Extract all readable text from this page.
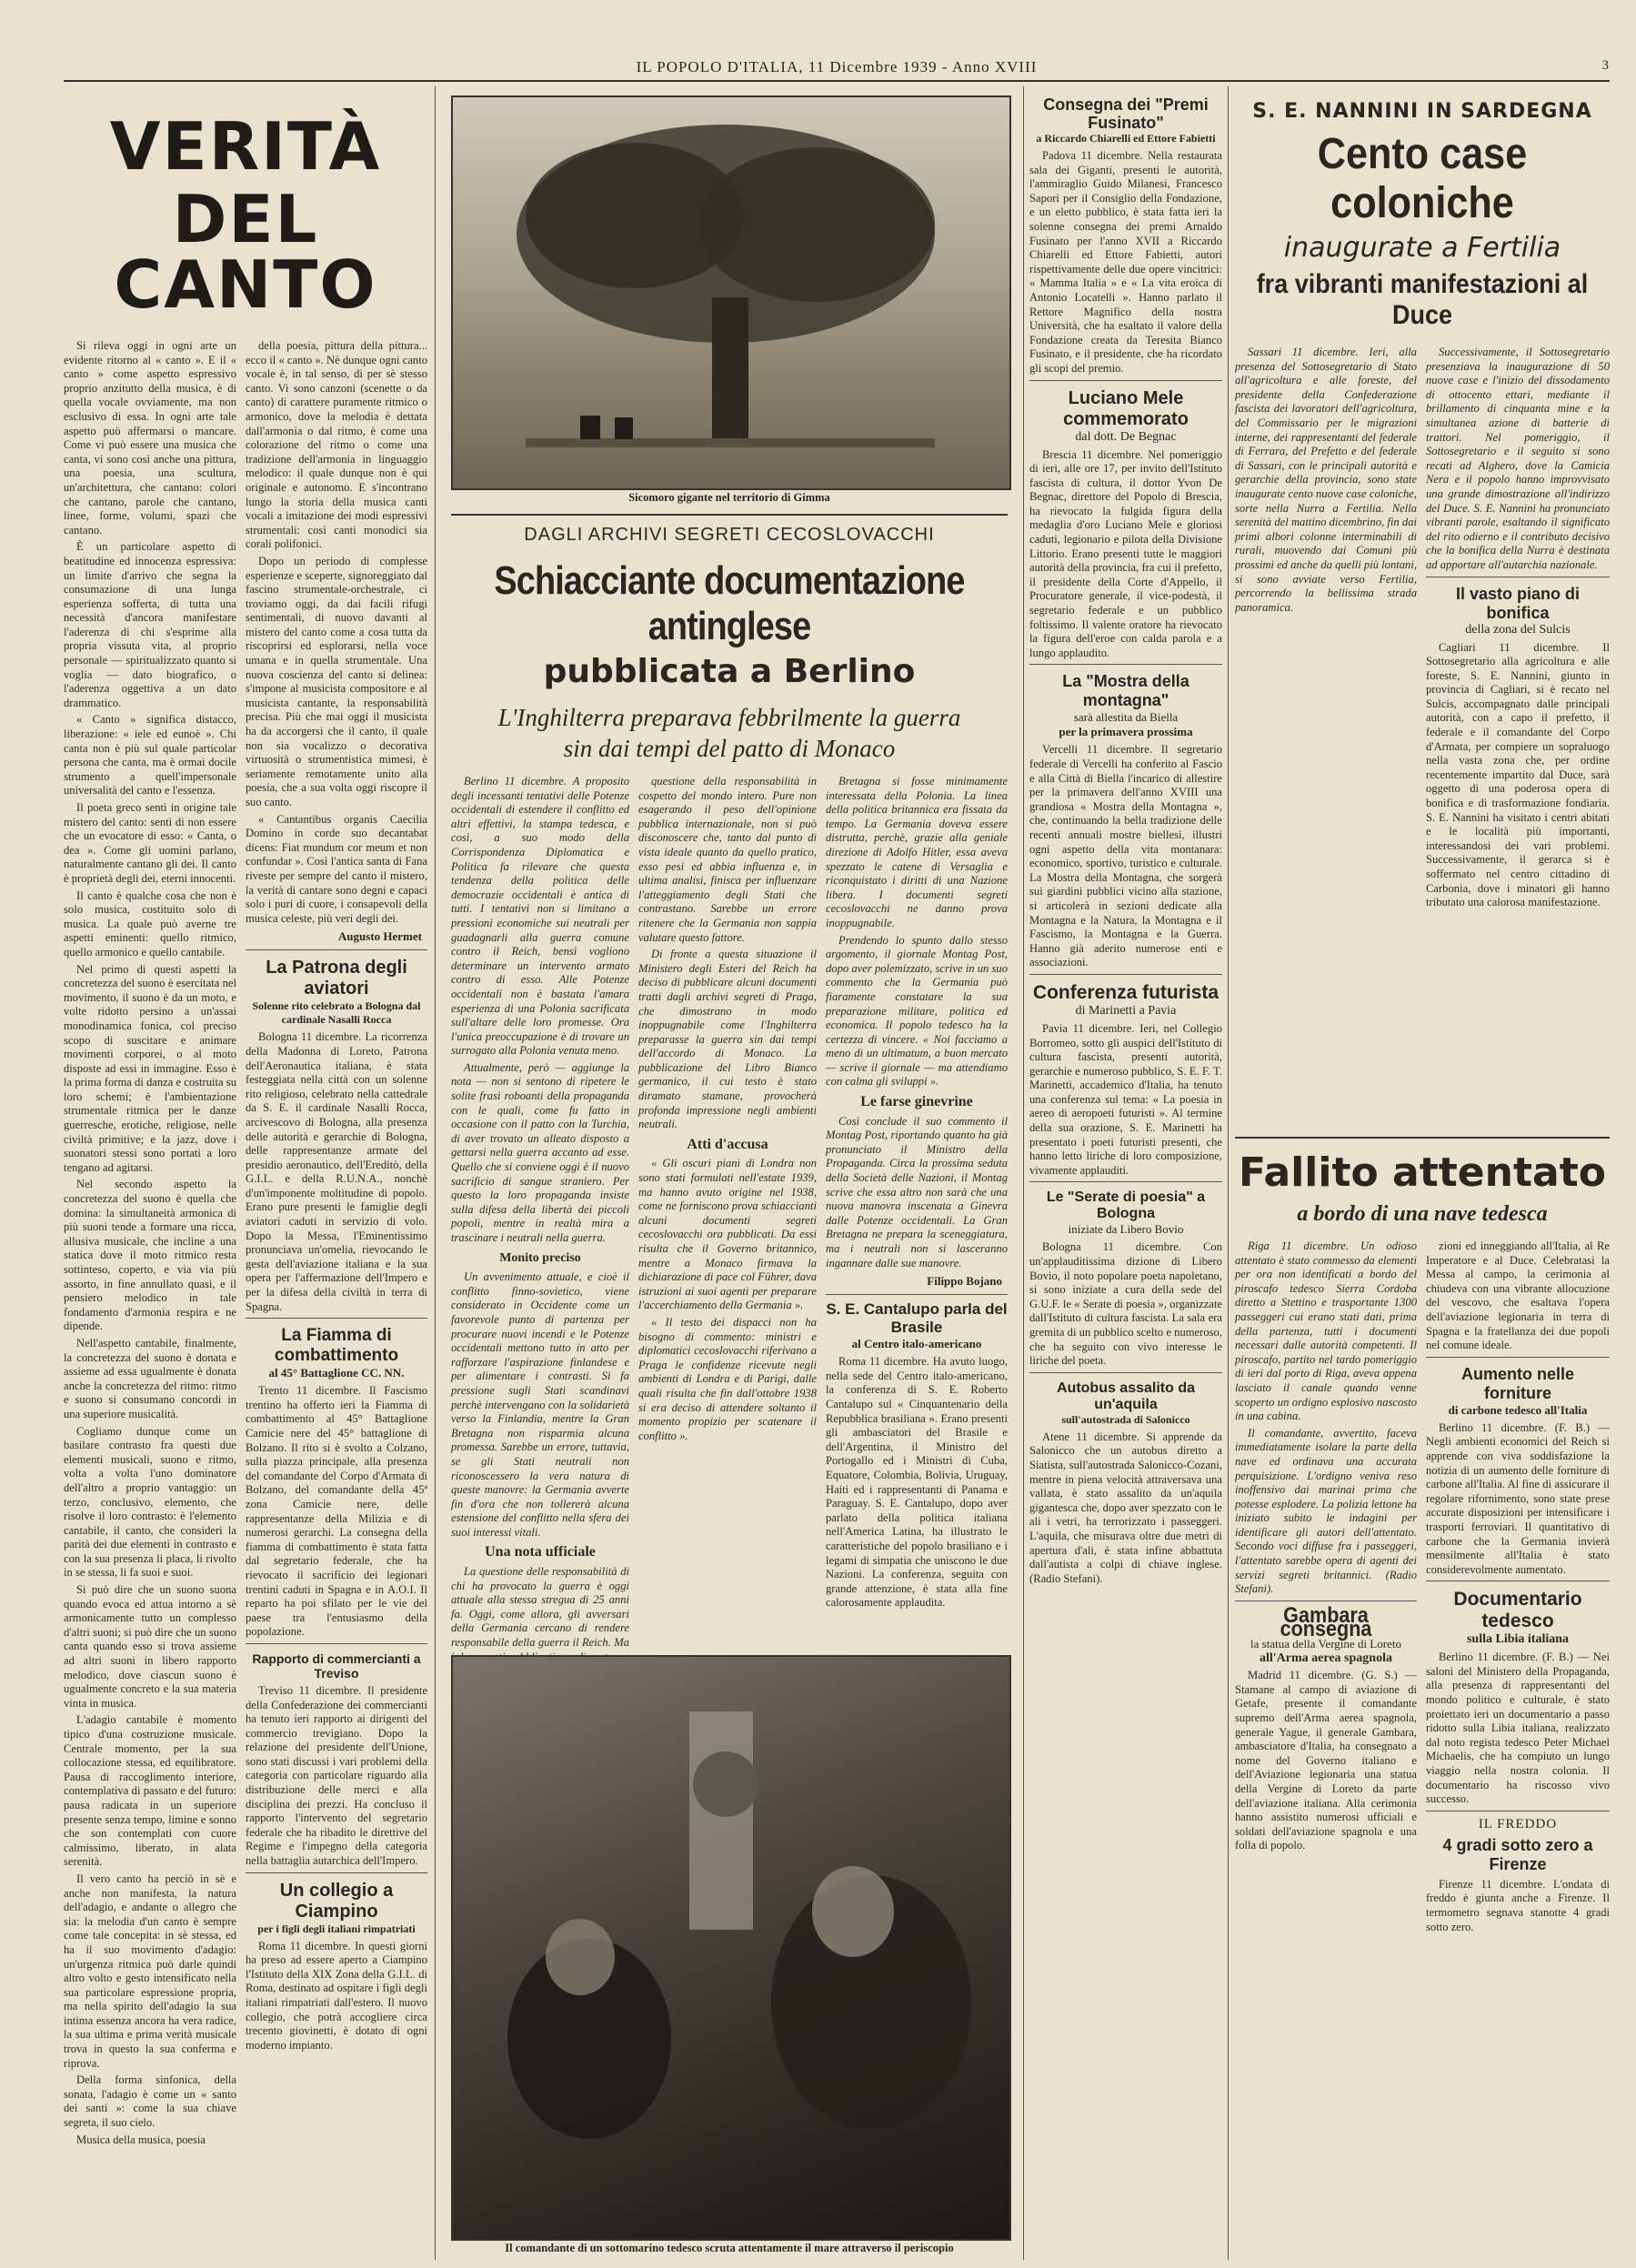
IL POPOLO D'ITALIA, 11 Dicembre 1939 - Anno XVIII	3
VERITÀ
DEL CANTO

Si rileva oggi in ogni arte un evidente ritorno al « canto ». E il « canto » come aspetto espressivo proprio anzitutto della musica, è di quella vocale ovviamente, ma non esclusivo di essa. In ogni arte tale aspetto può affermarsi o mancare. Come vi può essere una musica che canta, vi sono così anche una pittura, una poesia, una scultura, un'architettura, che cantano: colori che cantano, parole che cantano, linee, forme, volumi, spazi che cantano.

È un particolare aspetto di beatitudine ed innocenza espressiva: un limite d'arrivo che segna la consumazione di una lunga esperienza sofferta, di tutta una necessità d'ancora manifestare l'aderenza di chi s'esprime alla propria vissuta vita, al proprio personale — spiritualizzato quanto si voglia — dato biografico, o l'aderenza oggettiva a un dato drammatico.

« Canto » significa distacco, liberazione: « iele ed eunoè ». Chi canta non è più sul quale particolar persona che canta, ma è ormai docile strumento a quell'impersonale universalità del canto e l'essenza.

Il poeta greco sentì in origine tale mistero del canto: sentì di non essere che un evocatore di esso: « Canta, o dea ». Come gli uomini parlano, naturalmente cantano gli dei. Il canto è proprietà degli dei, eterni innocenti.

Il canto è qualche cosa che non è solo musica, costituito solo di musica. La quale può averne tre aspetti eminenti: quello ritmico, quello armonico e quello cantabile.

Nel primo di questi aspetti la concretezza del suono è esercitata nel movimento, il suono è da un moto, e volte ridotto persino a un'assai monodinamica fonica, col preciso scopo di suscitare e animare movimenti corporei, o al moto disposte ad essi in immagine. Esso è la prima forma di danza e costruita su loro schemi; è l'ambientazione strumentale ritmica per le danze guerresche, erotiche, religiose, nelle civiltà primitive; e la jazz, dove i suonatori stessi sono portati a loro tengano ad agitarsi.

Nel secondo aspetto la concretezza del suono è quella che domina: la simultaneità armonica di più suoni tende a formare una ricca, allusiva musicale, che incline a una statica dove il moto ritmico resta sottinteso, coperto, e via via più assorto, in fine annullato quasi, e il pensiero melodico in tale fondamento d'armonia respira e ne dipende.

Nell'aspetto cantabile, finalmente, la concretezza del suono è donata e assieme ad essa ugualmente è donata anche la concretezza del ritmo: ritmo e suono si consumano concordi in una superiore musicalità.

Cogliamo dunque come un basilare contrasto fra questi due elementi musicali, suono e ritmo, volta a volta l'uno dominatore dell'altro a proprio vantaggio: un terzo, conclusivo, elemento, che risolve il loro contrasto: è l'elemento cantabile, il canto, che consideri la parità dei due elementi in contrasto e con la sua presenza li placa, li rivolto in se stessa, li fa suoi e suoi.

Si può dire che un suono suona quando evoca ed attua intorno a sè armonicamente tutto un complesso d'altri suoni; si può dire che un suono canta quando esso si trova assieme ad altri suoni in libero rapporto melodico, dove ciascun suono è ugualmente concreto e la sua materia vinta in musica.

L'adagio cantabile è momento tipico d'una costruzione musicale. Centrale momento, per la sua collocazione stessa, ed equilibratore. Pausa di raccoglimento interiore, contemplativa di passato e del futuro: pausa radicata in un superiore presente senza tempo, limine e sonno che son contemplati con cuore calmissimo, liberato, in alata serenità.

Il vero canto ha perciò in sè e anche non manifesta, la natura dell'adagio, e andante o allegro che sia: la melodia d'un canto è sempre come tale concepita: in sè stessa, ed ha il suo movimento d'adagio: un'urgenza ritmica può darle quindi altro volto e gesto intensificato nella sua particolare espressione propria, ma nella spirito dell'adagio la sua intima essenza ancora ha vera radice, la sua ultima e prima verità musicale trova in questo la sua conferma e riprova.

Della forma sinfonica, della sonata, l'adagio è come un « santo dei santi »: come la sua chiave segreta, il suo cielo.

Musica della musica, poesia

della poesia, pittura della pittura... ecco il « canto ». Nè dunque ogni canto vocale è, in tal senso, di per sè stesso canto. Vi sono canzoni (scenette o da canto) di carattere puramente ritmico o armonico, dove la melodia è dettata dall'armonia o dal ritmo, è come una colorazione del ritmo o come una tradizione dell'armonia in linguaggio melodico: il quale dunque non è qui originale e autonomo. E s'incontrano lungo la storia della musica canti vocali a imitazione dei modi espressivi strumentali: così canti monodici sia corali polifonici.

Dopo un periodo di complesse esperienze e sceperte, signoreggiato dal fascino strumentale-orchestrale, ci troviamo oggi, da dai facili rifugi sentimentali, di nuovo davanti al mistero del canto come a cosa tutta da riscoprirsi ed esplorarsi, nella voce umana e in quella strumentale. Una nuova coscienza del canto si delinea: s'impone al musicista compositore e al musicista cantante, la responsabilità precisa. Più che mai oggi il musicista ha da accorgersi che il canto, il quale non sia vocalizzo o decorativa virtuosità o strumentistica mimesi, è seriamente remotamente unito alla poesia, che a sua volta oggi riscopre il suo canto.

« Cantantibus organis Caecilia Domino in corde suo decantabat dicens: Fiat mundum cor meum et non confundar ». Così l'antica santa di Fana riveste per sempre del canto il mistero, la verità di cantare sono degni e capaci solo i puri di cuore, i consapevoli della musica celeste, più veri degli dei.

Augusto Hermet
La Patrona degli aviatori
Solenne rito celebrato a Bologna dal cardinale Nasalli Rocca

Bologna 11 dicembre. La ricorrenza della Madonna di Loreto, Patrona dell'Aeronautica italiana, è stata festeggiata nella città con un solenne rito religioso, celebrato nella cattedrale da S. E. il cardinale Nasalli Rocca, arcivescovo di Bologna, alla presenza delle autorità e gerarchie di Bologna, delle rappresentanze armate del presidio aeronautico, dell'Ereditò, della G.I.L. e della R.U.N.A., nonchè d'un'imponente moltitudine di popolo. Erano pure presenti le famiglie degli aviatori caduti in servizio di volo. Dopo la Messa, l'Eminentissimo pronunciava un'omelia, rievocando le gesta dell'aviazione italiana e la sua opera per l'affermazione dell'Impero e per la difesa della civiltà in terra di Spagna.

La Fiamma di combattimento
al 45° Battaglione CC. NN.

Trento 11 dicembre. Il Fascismo trentino ha offerto ieri la Fiamma di combattimento al 45° Battaglione Camicie nere del 45° battaglione di Bolzano. Il rito si è svolto a Colzano, sulla piazza principale, alla presenza del comandante del Corpo d'Armata di Bolzano, del comandante della 45ª zona Camicie nere, delle rappresentanze della Milizia e di numerosi gerarchi. La consegna della fiamma di combattimento è stata fatta dal segretario federale, che ha rievocato il sacrificio dei legionari trentini caduti in Spagna e in A.O.I. Il reparto ha poi sfilato per le vie del paese tra l'entusiasmo della popolazione.

Rapporto di commercianti a Treviso

Treviso 11 dicembre. Il presidente della Confederazione dei commercianti ha tenuto ieri rapporto ai dirigenti del commercio trevigiano. Dopo la relazione del presidente dell'Unione, sono stati discussi i vari problemi della categoria con particolare riguardo alla distribuzione delle merci e alla disciplina dei prezzi. Ha concluso il rapporto l'intervento del segretario federale che ha ribadito le direttive del Regime e l'impegno della categoria nella battaglia autarchica dell'Impero.

Un collegio a Ciampino
per i figli degli italiani rimpatriati

Roma 11 dicembre. In questi giorni ha preso ad essere aperto a Ciampino l'Istituto della XIX Zona della G.I.L. di Roma, destinato ad ospitare i figli degli italiani rimpatriati dall'estero. Il nuovo collegio, che potrà accogliere circa trecento giovinetti, è dotato di ogni moderno impianto.

Sicomoro gigante nel territorio di Gimma
DAGLI ARCHIVI SEGRETI CECOSLOVACCHI
Schiacciante documentazione antinglese
pubblicata a Berlino
L'Inghilterra preparava febbrilmente la guerra sin dai tempi del patto di Monaco

Berlino 11 dicembre. A proposito degli incessanti tentativi delle Potenze occidentali di estendere il conflitto ed altri effettivi, la stampa tedesca, e così, a suo modo della Corrispondenza Diplomatica e Politica fa rilevare che questa tendenza della politica delle democrazie occidentali è antica di tutti. I tentativi non si limitano a pressioni economiche sui neutrali per guadagnarli alla guerra comune contro il Reich, bensì vogliono determinare un intervento armato contro di esso. Alle Potenze occidentali non è bastata l'amara esperienza di una Polonia sacrificata sull'altare delle loro promesse. Ora l'unica preoccupazione è di trovare un surrogato alla Polonia venuta meno.

Attualmente, però — aggiunge la nota — non si sentono di ripetere le solite frasi roboanti della propaganda con le quali, come fu fatto in occasione con il patto con la Turchia, di aver trovato un alleato disposto a gettarsi nella guerra accanto ad esse. Quello che si conviene oggi è il nuovo sacrificio di sangue straniero. Per questo la loro propaganda insiste sulla difesa della libertà dei piccoli popoli, mentre in realtà mira a trascinare i neutrali nella guerra.

Monito preciso

Un avvenimento attuale, e cioè il conflitto finno-sovietico, viene considerato in Occidente come un favorevole punto di partenza per procurare nuovi incendi e le Potenze occidentali mettono tutto in atto per rafforzare l'aspirazione finlandese e per alimentare i contrasti. Si fa pressione sugli Stati scandinavi perchè intervengano con la solidarietà verso la Finlandia, mentre la Gran Bretagna non risparmia alcuna promessa. Sarebbe un errore, tuttavia, se gli Stati neutrali non riconoscessero la vera natura di queste manovre: la Germania avverte fin d'ora che non tollererà alcuna estensione del conflitto nella sfera dei suoi interessi vitali.

Una nota ufficiale

La questione delle responsabilità di chi ha provocato la guerra è oggi attuale alla stessa stregua di 25 anni fa. Oggi, come allora, gli avversari della Germania cercano di rendere responsabile della guerra il Reich. Ma

questione della responsabilità in cospetto del mondo intero. Pure non esagerando il peso dell'opinione pubblica internazionale, non si può disconoscere che, tanto dal punto di vista ideale quanto da quello pratico, esso pesi ed abbia influenza e, in ultima analisi, finisca per influenzare l'atteggiamento degli Stati che contrastano. Sarebbe un errore ritenere che la Germania non sappia valutare questo fattore.

Di fronte a questa situazione il Ministero degli Esteri del Reich ha deciso di pubblicare alcuni documenti tratti dagli archivi segreti di Praga, che dimostrano in modo inoppugnabile come l'Inghilterra preparasse la guerra sin dai tempi dell'accordo di Monaco. La pubblicazione del Libro Bianco germanico, il cui testo è stato diramato stamane, provocherà profonda impressione negli ambienti neutrali.

Atti d'accusa

« Gli oscuri piani di Londra non sono stati formulati nell'estate 1939, ma hanno avuto origine nel 1938, come ne forniscono prova schiaccianti alcuni documenti segreti cecoslovacchi ora pubblicati. Da essi risulta che il Governo britannico, mentre a Monaco firmava la dichiarazione di pace col Führer, dava istruzioni ai suoi agenti per preparare l'accerchiamento della Germania ».

« Il testo dei dispacci non ha bisogno di commento: ministri e diplomatici cecoslovacchi riferivano a Praga le confidenze ricevute negli ambienti di Londra e di Parigi, dalle quali risulta che fin dall'ottobre 1938 si era deciso di attendere soltanto il momento propizio per scatenare il conflitto ».

Bretagna si fosse minimamente interessata della Polonia. La linea della politica britannica era fissata da tempo. La Germania doveva essere distrutta, perchè, grazie alla geniale direzione di Adolfo Hitler, essa aveva spezzato le catene di Versaglia e riconquistato i diritti di una Nazione libera. I documenti segreti cecoslovacchi ne danno prova inoppugnabile.

Prendendo lo spunto dallo stesso argomento, il giornale Montag Post, dopo aver polemizzato, scrive in un suo commento che la Germania può fiaramente constatare la sua preparazione militare, politica ed economica. Il popolo tedesco ha la certezza di vincere. « Noi facciamo a meno di un ultimatum, a buon mercato — scrive il giornale — ma attendiamo con calma gli sviluppi ».

Le farse ginevrine

Così conclude il suo commento il Montag Post, riportando quanto ha già pronunciato il Ministro della Propaganda. Circa la prossima seduta della Società delle Nazioni, il Montag scrive che essa altro non sarà che una nuova manovra inscenata a Ginevra dalle Potenze occidentali. La Gran Bretagna ne prepara la sceneggiatura, ma i neutrali non si lasceranno ingannare dalle sue manovre.

Filippo Bojano
S. E. Cantalupo parla del Brasile
al Centro italo-americano

Roma 11 dicembre. Ha avuto luogo, nella sede del Centro italo-americano, la conferenza di S. E. Roberto Cantalupo sul « Cinquantenario della Repubblica brasiliana ». Erano presenti gli ambasciatori del Brasile e dell'Argentina, il Ministro del Portogallo ed i Ministri di Cuba, Equatore, Colombia, Bolivia, Uruguay, Haiti ed i rappresentanti di Panama e Paraguay. S. E. Cantalupo, dopo aver parlato della politica italiana nell'America Latina, ha illustrato le caratteristiche del popolo brasiliano e i legami di simpatia che uniscono le due Nazioni. La conferenza, seguita con grande attenzione, è stata alla fine calorosamente applaudita.

Il comandante di un sottomarino tedesco scruta attentamente il mare attraverso il periscopio
Consegna dei "Premi Fusinato"
a Riccardo Chiarelli ed Ettore Fabietti

Padova 11 dicembre. Nella restaurata sala dei Giganti, presenti le autorità, l'ammiraglio Guido Milanesi, Francesco Sapori per il Consiglio della Fondazione, e un eletto pubblico, è stata fatta ieri la solenne consegna dei premi Arnaldo Fusinato per l'anno XVII a Riccardo Chiarelli ed Ettore Fabietti, autori rispettivamente delle due opere vincitrici: « Mamma Italia » e « La vita eroica di Antonio Locatelli ». Hanno parlato il Rettore Magnifico della nostra Università, che ha esaltato il valore della Fondazione creata da Teresita Bianco Fusinato, e il presidente, che ha ricordato gli scopi del premio.

Luciano Mele commemorato
dal dott. De Begnac

Brescia 11 dicembre. Nel pomeriggio di ieri, alle ore 17, per invito dell'Istituto fascista di cultura, il dottor Yvon De Begnac, direttore del Popolo di Brescia, ha rievocato la fulgida figura della medaglia d'oro Luciano Mele e gloriosi caduti, legionario e pilota della Divisione Littorio. Erano presenti tutte le maggiori autorità della provincia, fra cui il prefetto, il presidente della Corte d'Appello, il Procuratore generale, il vice-podestà, il segretario federale e un pubblico foltissimo. Il valente oratore ha rievocato la figura dell'eroe con calda parola e a lungo applaudito.

La "Mostra della montagna"
sarà allestita da Biella
per la primavera prossima

Vercelli 11 dicembre. Il segretario federale di Vercelli ha conferito al Fascio e alla Città di Biella l'incarico di allestire per la primavera dell'anno XVIII una grandiosa « Mostra della Montagna », che, continuando la bella tradizione delle recenti annuali mostre biellesi, illustri ogni aspetto della vita montanara: economico, sportivo, turistico e culturale. La Mostra della Montagna, che sorgerà sui giardini pubblici vicino alla stazione, si articolerà in sezioni dedicate alla Montagna e la Natura, la Montagna e il Fascismo, la Montagna e la Guerra. Hanno già aderito numerose enti e associazioni.

Conferenza futurista
di Marinetti a Pavia

Pavia 11 dicembre. Ieri, nel Collegio Borromeo, sotto gli auspici dell'Istituto di cultura fascista, presenti autorità, gerarchie e numeroso pubblico, S. E. F. T. Marinetti, accademico d'Italia, ha tenuto una conferenza sul tema: « La poesia in aereo di aeropoeti futuristi ». Al termine della sua orazione, S. E. Marinetti ha presentato i poeti futuristi presenti, che hanno letto liriche di loro composizione, vivamente applauditi.

Le "Serate di poesia" a Bologna
iniziate da Libero Bovio

Bologna 11 dicembre. Con un'applauditissima dizione di Libero Bovio, il noto popolare poeta napoletano, si sono iniziate a cura della sede del G.U.F. le « Serate di poesia », organizzate dall'Istituto di cultura fascista. La sala era gremita di un pubblico scelto e numeroso, che ha seguito con vivo interesse le liriche del poeta.

Autobus assalito da un'aquila
sull'autostrada di Salonicco

Atene 11 dicembre. Si apprende da Salonicco che un autobus diretto a Siatista, sull'autostrada Salonicco-Cozani, mentre in piena velocità attraversava una vallata, è stato assalito da un'aquila gigantesca che, dopo aver spezzato con le ali i vetri, ha terrorizzato i passeggeri. L'aquila, che misurava oltre due metri di apertura d'ali, è stata infine abbattuta dall'autista a colpi di chiave inglese. (Radio Stefani).

S. E. NANNINI IN SARDEGNA
Cento case coloniche
inaugurate a Fertilia
fra vibranti manifestazioni al Duce

Sassari 11 dicembre. Ieri, alla presenza del Sottosegretario di Stato all'agricoltura e alle foreste, del presidente della Confederazione fascista dei lavoratori dell'agricoltura, del Commissario per le migrazioni interne, dei rappresentanti del federale di Ferrara, del Prefetto e del federale di Sassari, con le principali autorità e gerarchie della provincia, sono state inaugurate cento nuove case coloniche, sorte nella Nurra a Fertilia. Nella serenità del mattino dicembrino, fin dai primi albori colonne interminabili di rurali, muovendo dai Comuni più prossimi ed anche da quelli più lontani, si sono avviate verso Fertilia, percorrendo la bellissima strada panoramica.

Successivamente, il Sottosegretario presenziava la inaugurazione di 50 nuove case e l'inizio del dissodamento di ottocento ettari, mediante il brillamento di cinquanta mine e la simultanea azione di batterie di trattori. Nel pomeriggio, il Sottosegretario e il seguito si sono recati ad Alghero, dove la Camicia Nera e il popolo hanno improvvisato una grande dimostrazione all'indirizzo del Duce. S. E. Nannini ha pronunciato vibranti parole, esaltando il significato del rito odierno e il contributo decisivo che la bonifica della Nurra è destinata ad apportare all'autarchia nazionale.

Il vasto piano di bonifica
della zona del Sulcis

Cagliari 11 dicembre. Il Sottosegretario alla agricoltura e alle foreste, S. E. Nannini, giunto in provincia di Cagliari, si è recato nel Sulcis, accompagnato dalle principali autorità, con a capo il prefetto, il federale e il comandante del Corpo d'Armata, per compiere un sopraluogo nella vasta zona che, per ordine recentemente impartito dal Duce, sarà oggetto di una poderosa opera di bonifica e di trasformazione fondiaria. S. E. Nannini ha visitato i centri abitati e le località più importanti, interessandosi dei vari problemi. Successivamente, il gerarca si è soffermato nel centro cittadino di Carbonia, dove i minatori gli hanno tributato una calorosa manifestazione.

Fallito attentato
a bordo di una nave tedesca

Riga 11 dicembre. Un odioso attentato è stato commesso da elementi per ora non identificati a bordo del piroscafo tedesco Sierra Cordoba diretto a Stettino e trasportante 1300 passeggeri cui erano stati dati, prima della partenza, tutti i documenti necessari dalle autorità competenti. Il piroscafo, partito nel tardo pomeriggio di ieri dal porto di Riga, aveva appena lasciato il canale quando venne scoperto un ordigno esplosivo nascosto in una cabina.

Il comandante, avvertito, faceva immediatamente isolare la parte della nave ed ordinava una accurata perquisizione. L'ordigno veniva reso inoffensivo dai marinai prima che potesse esplodere. La polizia lettone ha iniziato subito le indagini per identificare gli autori dell'attentato. Secondo voci diffuse fra i passeggeri, l'attentato sarebbe opera di agenti dei servizi segreti britannici. (Radio Stefani).

Gambara consegna
la statua della Vergine di Loreto
all'Arma aerea spagnola

Madrid 11 dicembre. (G. S.) — Stamane al campo di aviazione di Getafe, presente il comandante supremo dell'Arma aerea spagnola, generale Yague, il generale Gambara, ambasciatore d'Italia, ha consegnato a nome del Governo italiano e dell'Aviazione legionaria una statua della Vergine di Loreto da parte dell'aviazione italiana. Alla cerimonia hanno assistito numerosi ufficiali e soldati dell'aviazione spagnola e una folla di popolo.

zioni ed inneggiando all'Italia, al Re Imperatore e al Duce. Celebratasi la Messa al campo, la cerimonia al chiudeva con una vibrante allocuzione del vescovo, che esaltava l'opera dell'aviazione legionaria in terra di Spagna e la fratellanza dei due popoli nel comune ideale.

Aumento nelle forniture
di carbone tedesco all'Italia

Berlino 11 dicembre. (F. B.) — Negli ambienti economici del Reich si apprende con viva soddisfazione la notizia di un aumento delle forniture di carbone all'Italia. Al fine di assicurare il regolare rifornimento, sono state prese accurate disposizioni per intensificare i trasporti ferroviari. Il quantitativo di carbone che la Germania invierà mensilmente all'Italia è stato considerevolmente aumentato.

Documentario tedesco
sulla Libia italiana

Berlino 11 dicembre. (F. B.) — Nei saloni del Ministero della Propaganda, alla presenza di rappresentanti del mondo politico e culturale, è stato proiettato ieri un documentario a passo ridotto sulla Libia italiana, realizzato dal noto regista tedesco Peter Michael Michaelis, che ha compiuto un lungo viaggio nella nostra colonia. Il documentario ha riscosso vivo successo.

IL FREDDO
4 gradi sotto zero a Firenze

Firenze 11 dicembre. L'ondata di freddo è giunta anche a Firenze. Il termometro segnava stanotte 4 gradi sotto zero.
